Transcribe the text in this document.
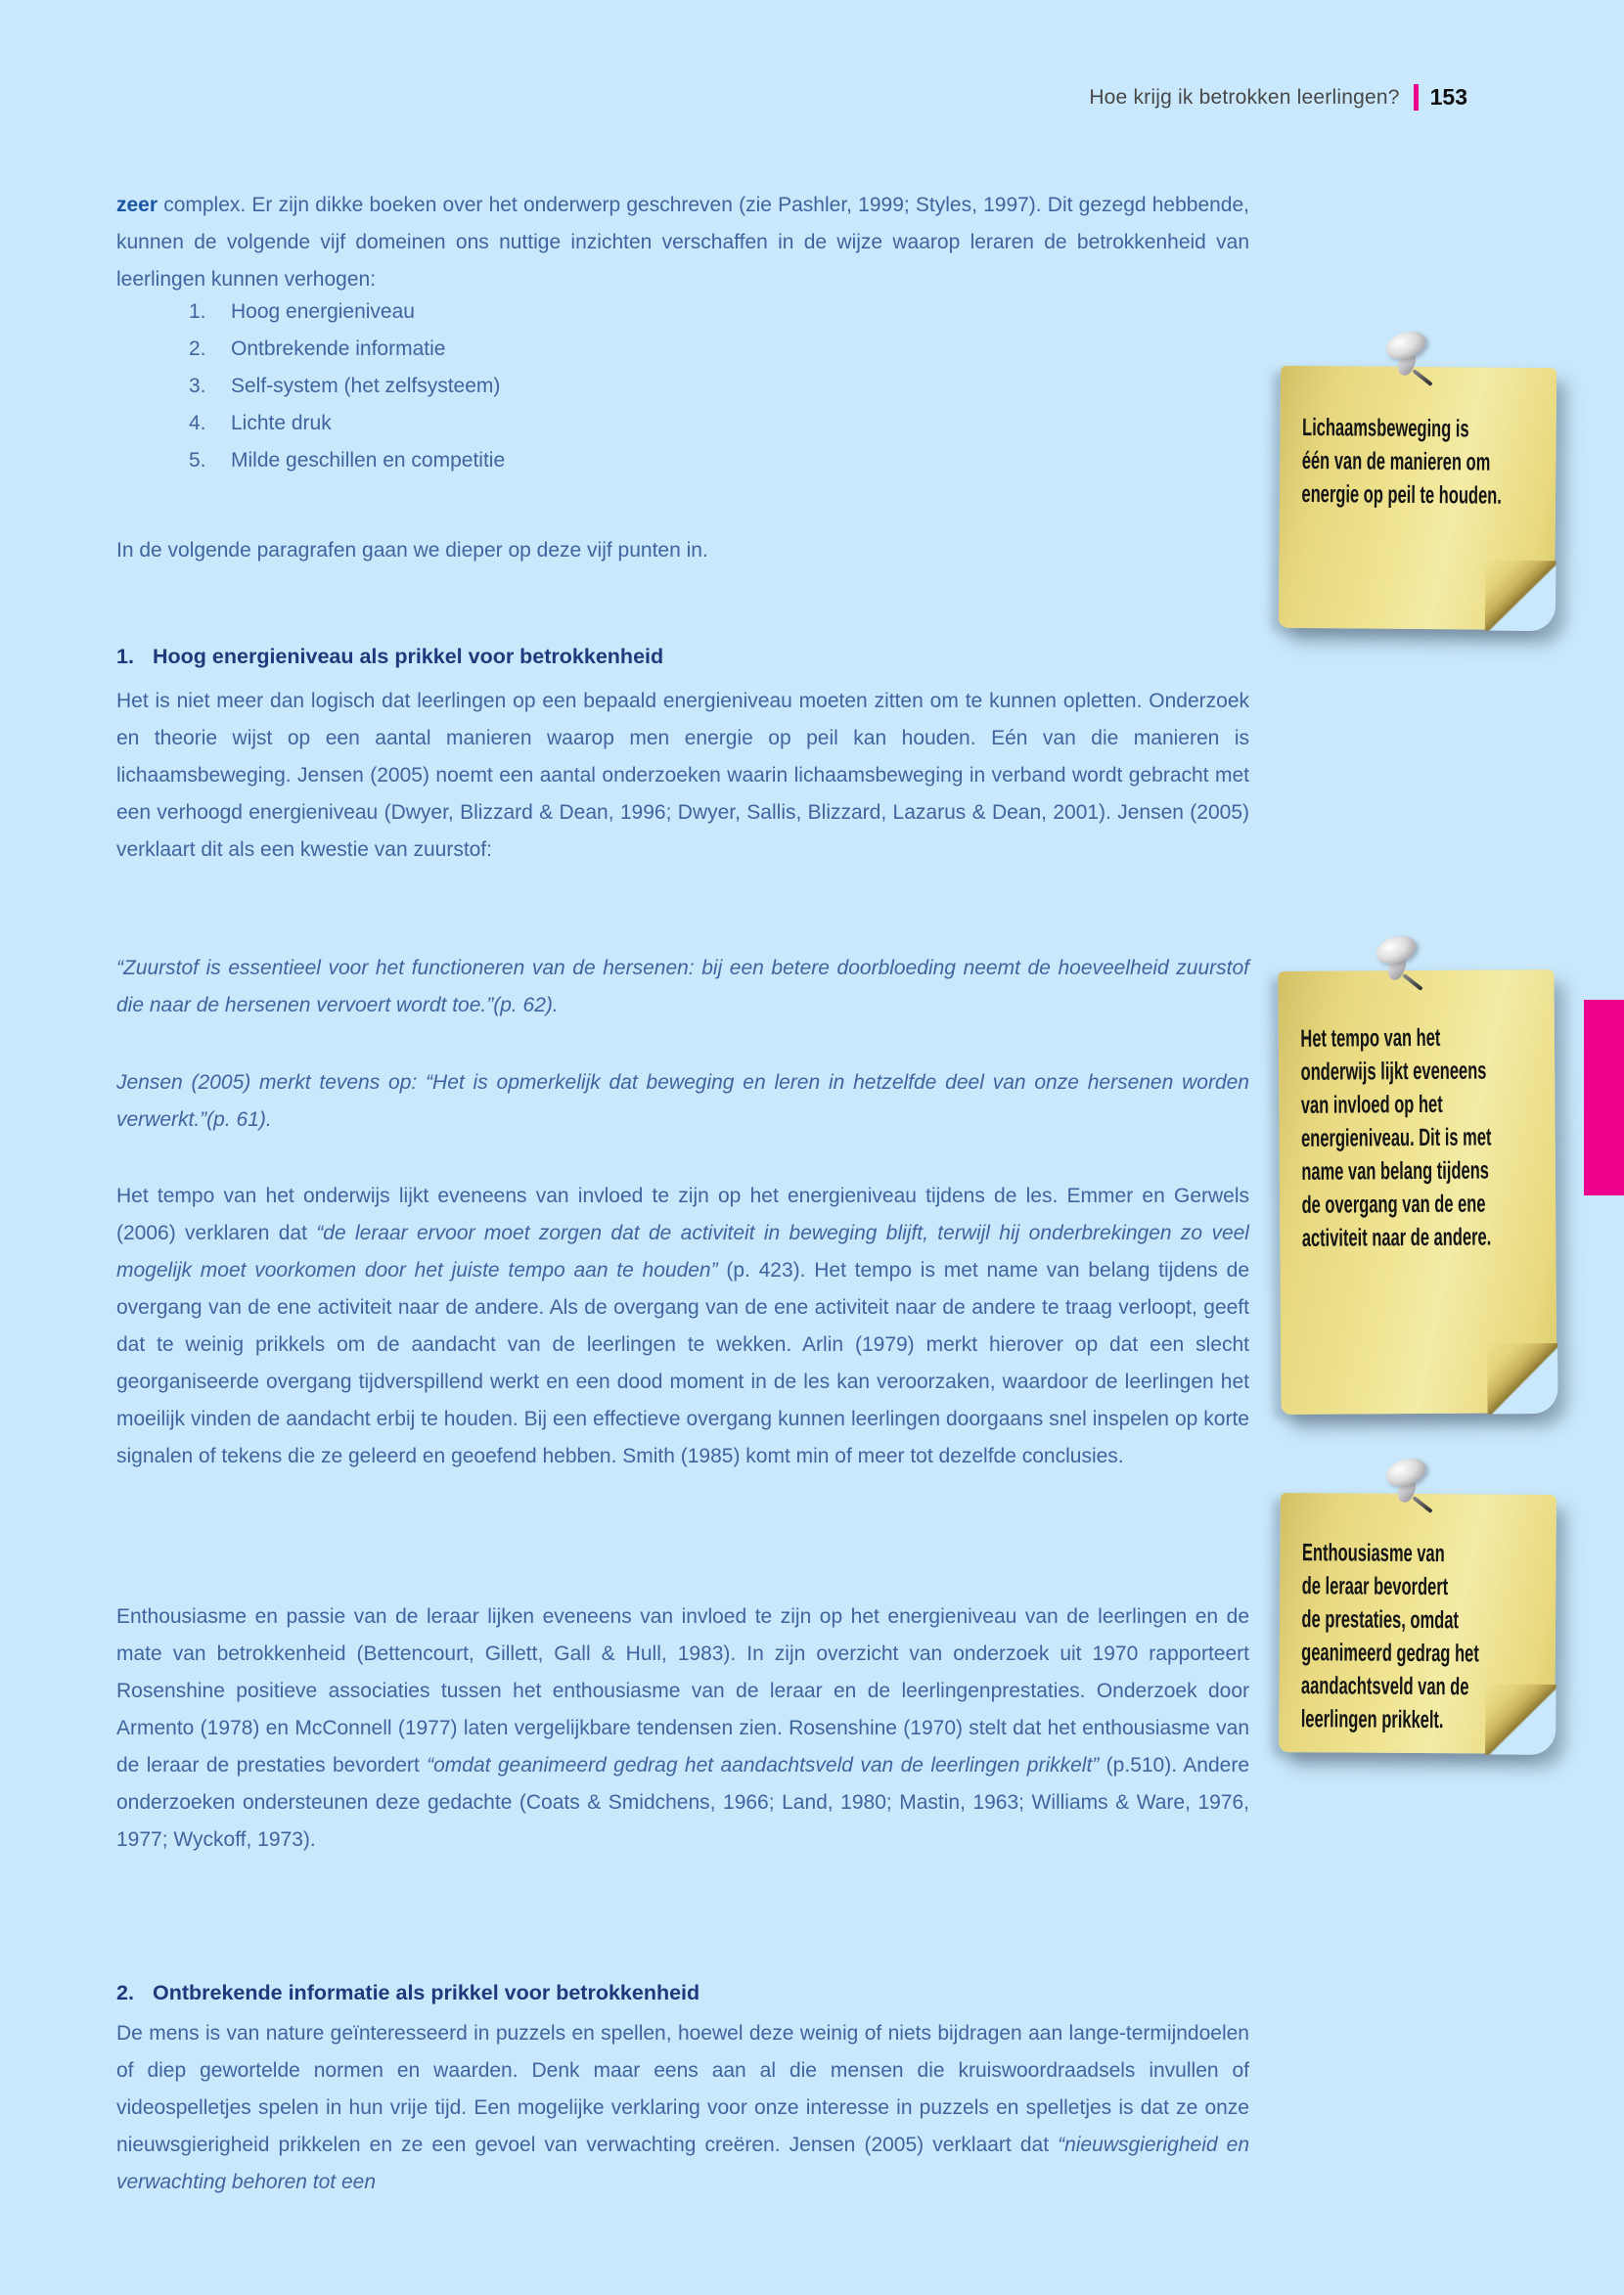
Hoe krijg ik betrokken leerlingen? 153

zeer complex. Er zijn dikke boeken over het onderwerp geschreven (zie Pashler, 1999; Styles, 1997). Dit gezegd hebbende, kunnen de volgende vijf domeinen ons nuttige inzichten verschaffen in de wijze waarop leraren de betrokkenheid van leerlingen kunnen verhogen:

1. Hoog energieniveau
2. Ontbrekende informatie
3. Self-system (het zelfsysteem)
4. Lichte druk
5. Milde geschillen en competitie

In de volgende paragrafen gaan we dieper op deze vijf punten in.

1. Hoog energieniveau als prikkel voor betrokkenheid

Het is niet meer dan logisch dat leerlingen op een bepaald energieniveau moeten zitten om te kunnen opletten. Onderzoek en theorie wijst op een aantal manieren waarop men energie op peil kan houden. Eén van die manieren is lichaamsbeweging. Jensen (2005) noemt een aantal onderzoeken waarin lichaamsbeweging in verband wordt gebracht met een verhoogd energieniveau (Dwyer, Blizzard & Dean, 1996; Dwyer, Sallis, Blizzard, Lazarus & Dean, 2001). Jensen (2005) verklaart dit als een kwestie van zuurstof:

“Zuurstof is essentieel voor het functioneren van de hersenen: bij een betere doorbloeding neemt de hoeveelheid zuurstof die naar de hersenen vervoert wordt toe.”(p. 62).

Jensen (2005) merkt tevens op: “Het is opmerkelijk dat beweging en leren in hetzelfde deel van onze hersenen worden verwerkt.”(p. 61).

Het tempo van het onderwijs lijkt eveneens van invloed te zijn op het energieniveau tijdens de les. Emmer en Gerwels (2006) verklaren dat “de leraar ervoor moet zorgen dat de activiteit in beweging blijft, terwijl hij onderbrekingen zo veel mogelijk moet voorkomen door het juiste tempo aan te houden” (p. 423). Het tempo is met name van belang tijdens de overgang van de ene activiteit naar de andere. Als de overgang van de ene activiteit naar de andere te traag verloopt, geeft dat te weinig prikkels om de aandacht van de leerlingen te wekken. Arlin (1979) merkt hierover op dat een slecht georganiseerde overgang tijdverspillend werkt en een dood moment in de les kan veroorzaken, waardoor de leerlingen het moeilijk vinden de aandacht erbij te houden. Bij een effectieve overgang kunnen leerlingen doorgaans snel inspelen op korte signalen of tekens die ze geleerd en geoefend hebben. Smith (1985) komt min of meer tot dezelfde conclusies.

Enthousiasme en passie van de leraar lijken eveneens van invloed te zijn op het energieniveau van de leerlingen en de mate van betrokkenheid (Bettencourt, Gillett, Gall & Hull, 1983). In zijn overzicht van onderzoek uit 1970 rapporteert Rosenshine positieve associaties tussen het enthousiasme van de leraar en de leerlingenprestaties. Onderzoek door Armento (1978) en McConnell (1977) laten vergelijkbare tendensen zien. Rosenshine (1970) stelt dat het enthousiasme van de leraar de prestaties bevordert “omdat geanimeerd gedrag het aandachtsveld van de leerlingen prikkelt” (p.510). Andere onderzoeken ondersteunen deze gedachte (Coats & Smidchens, 1966; Land, 1980; Mastin, 1963; Williams & Ware, 1976, 1977; Wyckoff, 1973).

2. Ontbrekende informatie als prikkel voor betrokkenheid

De mens is van nature geïnteresseerd in puzzels en spellen, hoewel deze weinig of niets bijdragen aan lange-termijndoelen of diep gewortelde normen en waarden. Denk maar eens aan al die mensen die kruiswoordraadsels invullen of videospelletjes spelen in hun vrije tijd. Een mogelijke verklaring voor onze interesse in puzzels en spelletjes is dat ze onze nieuwsgierigheid prikkelen en ze een gevoel van verwachting creëren. Jensen (2005) verklaart dat “nieuwsgierigheid en verwachting behoren tot een

Lichaamsbeweging is
één van de manieren om
energie op peil te houden.
Het tempo van het
onderwijs lijkt eveneens
van invloed op het
energieniveau. Dit is met
name van belang tijdens
de overgang van de ene
activiteit naar de andere.
Enthousiasme van
de leraar bevordert
de prestaties, omdat
geanimeerd gedrag het
aandachtsveld van de
leerlingen prikkelt.
